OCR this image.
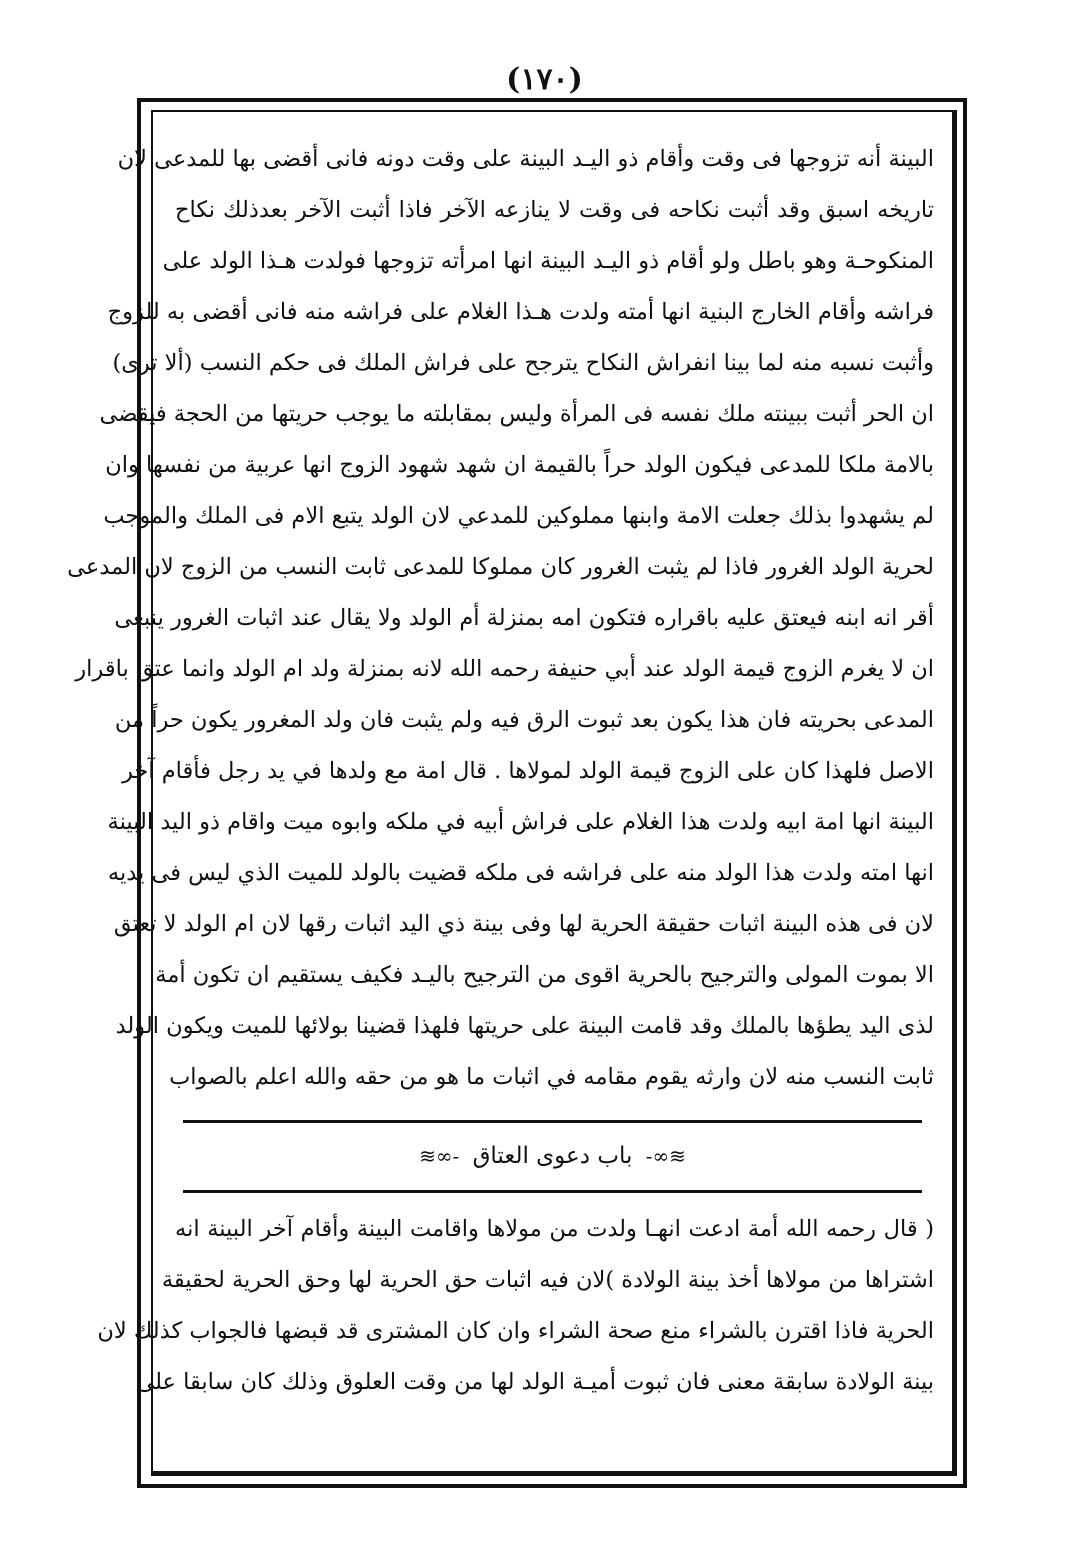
(١٧٠)
البينة أنه تزوجها فى وقت وأقام ذو اليـد البينة على وقت دونه فانى أقضى بها للمدعى لان
تاريخه اسبق وقد أثبت نكاحه فى وقت لا ينازعه الآخر فاذا أثبت الآخر بعدذلك نكاح
المنكوحـة وهو باطل ولو أقام ذو اليـد البينة انها امرأته تزوجها فولدت هـذا الولد على
فراشه وأقام الخارج البنية انها أمته ولدت هـذا الغلام على فراشه منه فانى أقضى به للزوج
وأثبت نسبه منه لما بينا انفراش النكاح يترجح على فراش الملك فى حكم النسب (ألا ترى)
ان الحر أثبت ببينته ملك نفسه فى المرأة وليس بمقابلته ما يوجب حريتها من الحجة فيقضى
بالامة ملكا للمدعى فيكون الولد حراً بالقيمة ان شهد شهود الزوج انها عربية من نفسها وان
لم يشهدوا بذلك جعلت الامة وابنها مملوكين للمدعي لان الولد يتبع الام فى الملك والموجب
لحرية الولد الغرور فاذا لم يثبت الغرور كان مملوكا للمدعى ثابت النسب من الزوج لان المدعى
أقر انه ابنه فيعتق عليه باقراره فتكون امه بمنزلة أم الولد ولا يقال عند اثبات الغرور ينبغى
ان لا يغرم الزوج قيمة الولد عند أبي حنيفة رحمه الله لانه بمنزلة ولد ام الولد وانما عتق باقرار
المدعى بحريته فان هذا يكون بعد ثبوت الرق فيه ولم يثبت فان ولد المغرور يكون حراً من
الاصل فلهذا كان على الزوج قيمة الولد لمولاها . قال امة مع ولدها في يد رجل فأقام آخر
البينة انها امة ابيه ولدت هذا الغلام على فراش أبيه في ملكه وابوه ميت واقام ذو اليد البينة
انها امته ولدت هذا الولد منه على فراشه فى ملكه قضيت بالولد للميت الذي ليس فى يديه
لان فى هذه البينة اثبات حقيقة الحرية لها وفى بينة ذي اليد اثبات رقها لان ام الولد لا تعتق
الا بموت المولى والترجيح بالحرية اقوى من الترجيح باليـد فكيف يستقيم ان تكون أمة
لذى اليد يطؤها بالملك وقد قامت البينة على حريتها فلهذا قضينا بولائها للميت ويكون الولد
ثابت النسب منه لان وارثه يقوم مقامه في اثبات ما هو من حقه والله اعلم بالصواب
≋∞- باب دعوى العتاق -∞≋
( قال رحمه الله أمة ادعت انهـا ولدت من مولاها واقامت البينة وأقام آخر البينة انه
اشتراها من مولاها أخذ بينة الولادة )لان فيه اثبات حق الحرية لها وحق الحرية لحقيقة
الحرية فاذا اقترن بالشراء منع صحة الشراء وان كان المشترى قد قبضها فالجواب كذلك لان
بينة الولادة سابقة معنى فان ثبوت أميـة الولد لها من وقت العلوق وذلك كان سابقا على
